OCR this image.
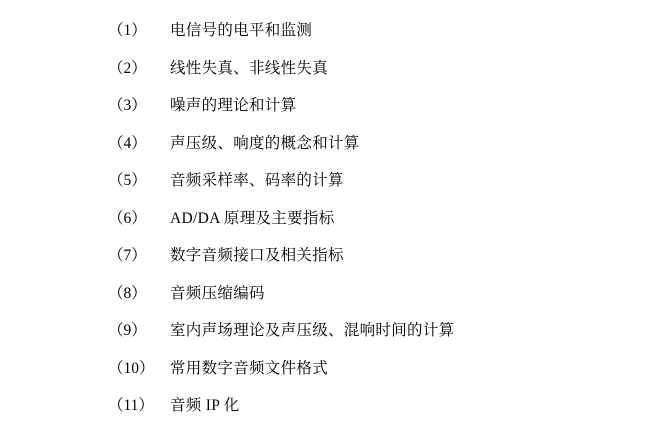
（1）	电信号的电平和监测
（2）	线性失真、非线性失真
（3）	噪声的理论和计算
（4）	声压级、响度的概念和计算
（5）	音频采样率、码率的计算
（6）	AD/DA 原理及主要指标
（7）	数字音频接口及相关指标
（8）	音频压缩编码
（9）	室内声场理论及声压级、混响时间的计算
（10） 常用数字音频文件格式
（11）	音频 IP 化
